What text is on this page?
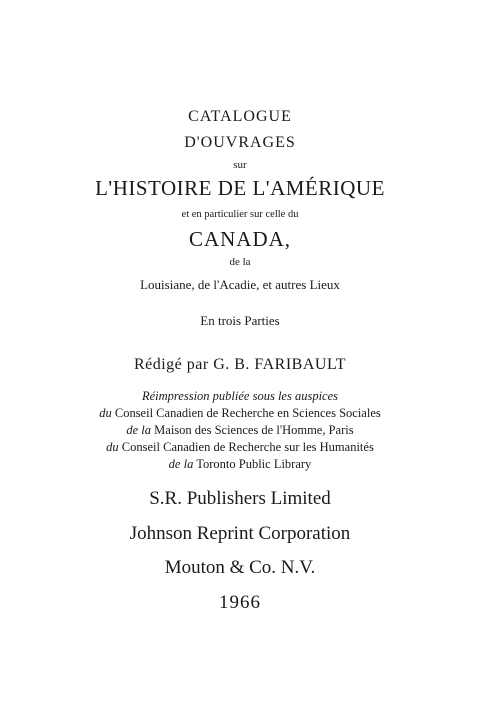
CATALOGUE
D'OUVRAGES
sur
L'HISTOIRE DE L'AMÉRIQUE
et en particulier sur celle du
CANADA,
de la
Louisiane, de l'Acadie, et autres Lieux
En trois Parties
Rédigé par G. B. FARIBAULT
Réimpression publiée sous les auspices
du Conseil Canadien de Recherche en Sciences Sociales
de la Maison des Sciences de l'Homme, Paris
du Conseil Canadien de Recherche sur les Humanités
de la Toronto Public Library
S.R. Publishers Limited
Johnson Reprint Corporation
Mouton & Co. N.V.
1966
